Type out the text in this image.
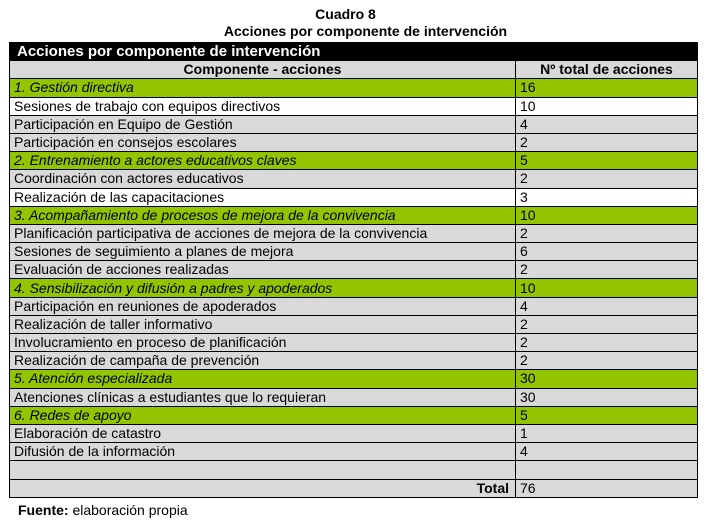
Cuadro 8
Acciones por componente de intervención
Acciones por componente de intervención	
Componente - acciones	Nº total de acciones
1. Gestión directiva	16
Sesiones de trabajo con equipos directivos	10
Participación en Equipo de Gestión	4
Participación en consejos escolares	2
2. Entrenamiento a actores educativos claves	5
Coordinación con actores educativos	2
Realización de las capacitaciones	3
3. Acompañamiento de procesos de mejora de la convivencia	10
Planificación participativa de acciones de mejora de la convivencia	2
Sesiones de seguimiento a planes de mejora	6
Evaluación de acciones realizadas	2
4. Sensibilización y difusión a padres y apoderados	10
Participación en reuniones de apoderados	4
Realización de taller informativo	2
Involucramiento en proceso de planificación	2
Realización de campaña de prevención	2
5. Atención especializada	30
Atenciones clínicas a estudiantes que lo requieran	30
6. Redes de apoyo	5
Elaboración de catastro	1
Difusión de la información	4

Total	76
Fuente: elaboración propia
